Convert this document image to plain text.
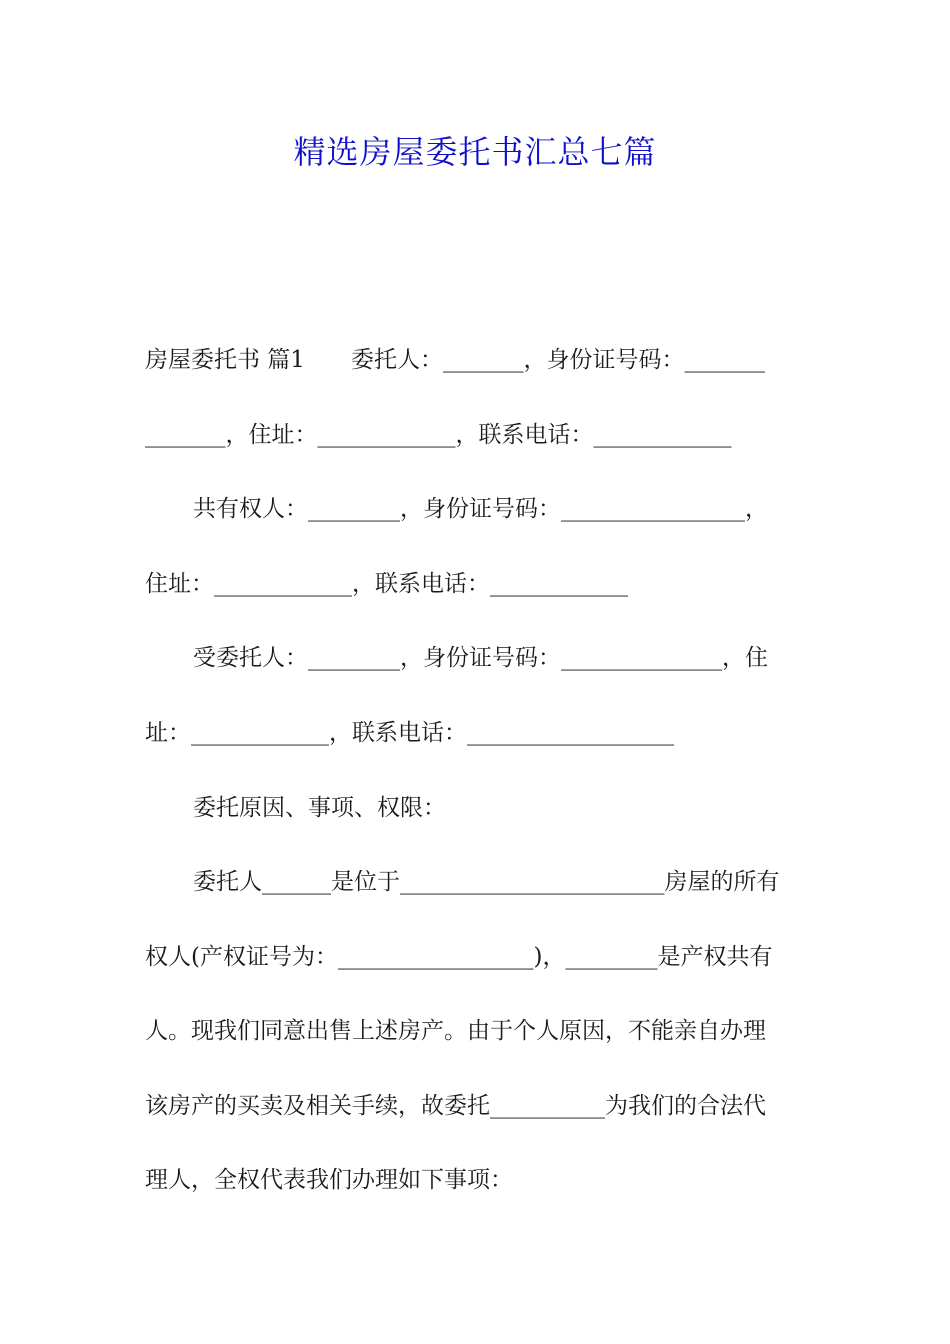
精选房屋委托书汇总七篇
房屋委托书 篇1　　委托人：_______，身份证号码：_______
_______，住址：____________，联系电话：____________
共有权人：________，身份证号码：________________，
住址：____________，联系电话：____________
受委托人：________，身份证号码：______________，住
址：____________，联系电话：__________________
委托原因、事项、权限：
委托人______是位于_______________________房屋的所有
权人(产权证号为：_________________)，________是产权共有
人。现我们同意出售上述房产。由于个人原因，不能亲自办理
该房产的买卖及相关手续，故委托__________为我们的合法代
理人，全权代表我们办理如下事项：
